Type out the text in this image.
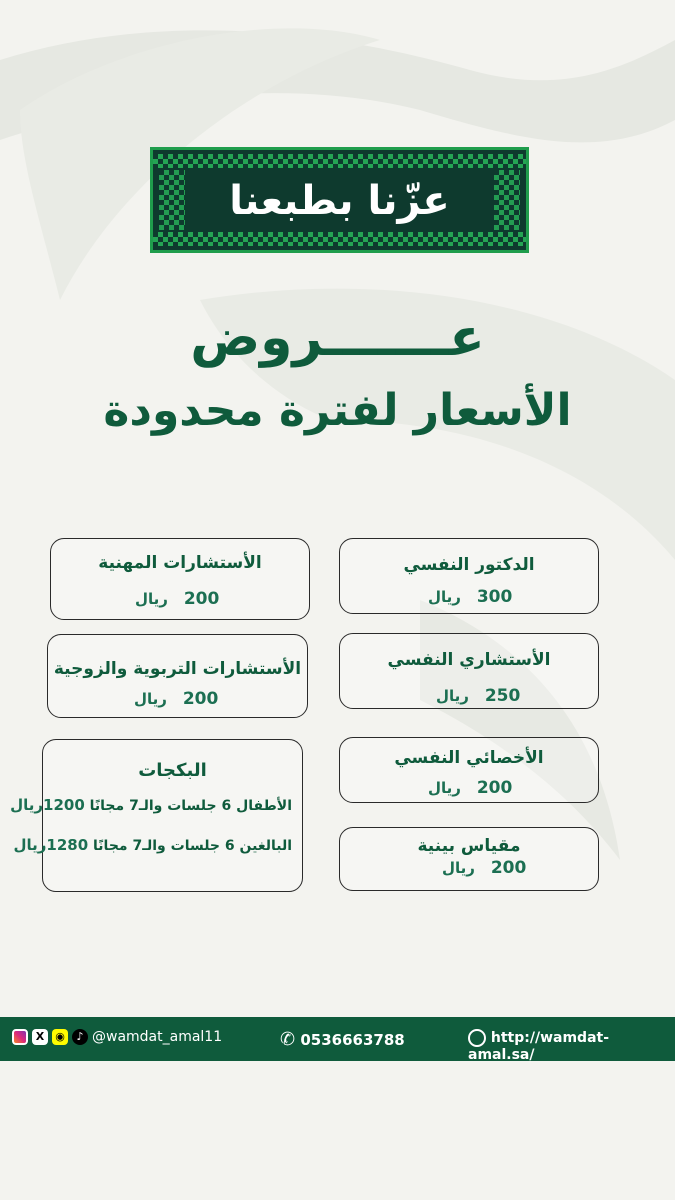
عزّنا بطبعنا
عـــــــروض
الأسعار لفترة محدودة
الدكتور النفسي
300 ريال
الأستشاري النفسي
250 ريال
الأخصائي النفسي
200 ريال
مقياس بينية
200 ريال
الأستشارات المهنية
200 ريال
الأستشارات التربوية والزوجية
200 ريال
البكجات
الأطفال 6 جلسات والـ7 مجانًا 1200ريال
البالغين 6 جلسات والـ7 مجانًا 1280ريال
X ◉	♪ @wamdat_amal11	✆ 0536663788	http://wamdat-amal.sa/
